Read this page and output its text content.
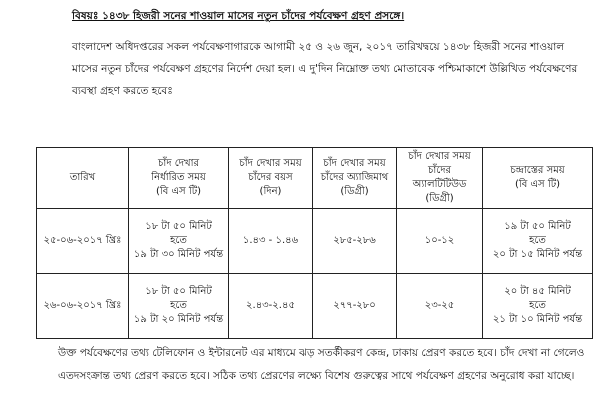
বিষয়ঃ ১৪৩৮ হিজরী সনের শাওয়াল মাসের নতুন চাঁদের পর্যবেক্ষণ গ্রহণ প্রসঙ্গে।
বাংলাদেশ অধিদপ্তরের সকল পর্যবেক্ষণাগারকে আগামী ২৫ ও ২৬ জুন, ২০১৭ তারিখদ্বয়ে ১৪৩৮ হিজরী সনের শাওয়াল মাসের নতুন চাঁদের পর্যবেক্ষণ গ্রহণের নির্দেশ দেয়া হল। এ দু'দিন নিম্নোক্ত তথ্য মোতাবেক পশ্চিমাকাশে উল্লিখিত পর্যবেক্ষণের ব্যবস্থা গ্রহণ করতে হবেঃ
তারিখ	চাঁদ দেখার
নির্ধারিত সময়
(বি এস টি)	চাঁদ দেখার সময়
চাঁদের বয়স
(দিন)	চাঁদ দেখার সময়
চাঁদের অ্যাজিমাথ
(ডিগ্রী)	চাঁদ দেখার সময়
চাঁদের অ্যালটিটিউড
(ডিগ্রী)	চন্দ্রাস্তের সময়
(বি এস টি)

২৫-০৬-২০১৭ খ্রিঃ	১৮ টা ৫০ মিনিট
হতে
১৯ টা ৩০ মিনিট পর্যন্ত	১.৪৩ - ১.৪৬	২৮৫-২৮৬	১০-১২	১৯ টা ৫০ মিনিট
হতে
২০ টা ১৫ মিনিট পর্যন্ত

২৬-০৬-২০১৭ খ্রিঃ	১৮ টা ৫০ মিনিট
হতে
১৯ টা ২০ মিনিট পর্যন্ত	২.৪৩-২.৪৫	২৭৭-২৮০	২৩-২৫	২০ টা ৪৫ মিনিট
হতে
২১ টা ১০ মিনিট পর্যন্ত
উক্ত পর্যবেক্ষণের তথ্য টেলিফোন ও ইন্টারনেট এর মাধ্যমে ঝড় সতর্কীকরণ কেন্দ্র, ঢাকায় প্রেরণ করতে হবে। চাঁদ দেখা না গেলেও এতদসংক্রান্ত তথ্য প্রেরণ করতে হবে। সঠিক তথ্য প্রেরণের লক্ষ্যে বিশেষ গুরুত্বের সাথে পর্যবেক্ষণ গ্রহণের অনুরোধ করা যাচ্ছে।
